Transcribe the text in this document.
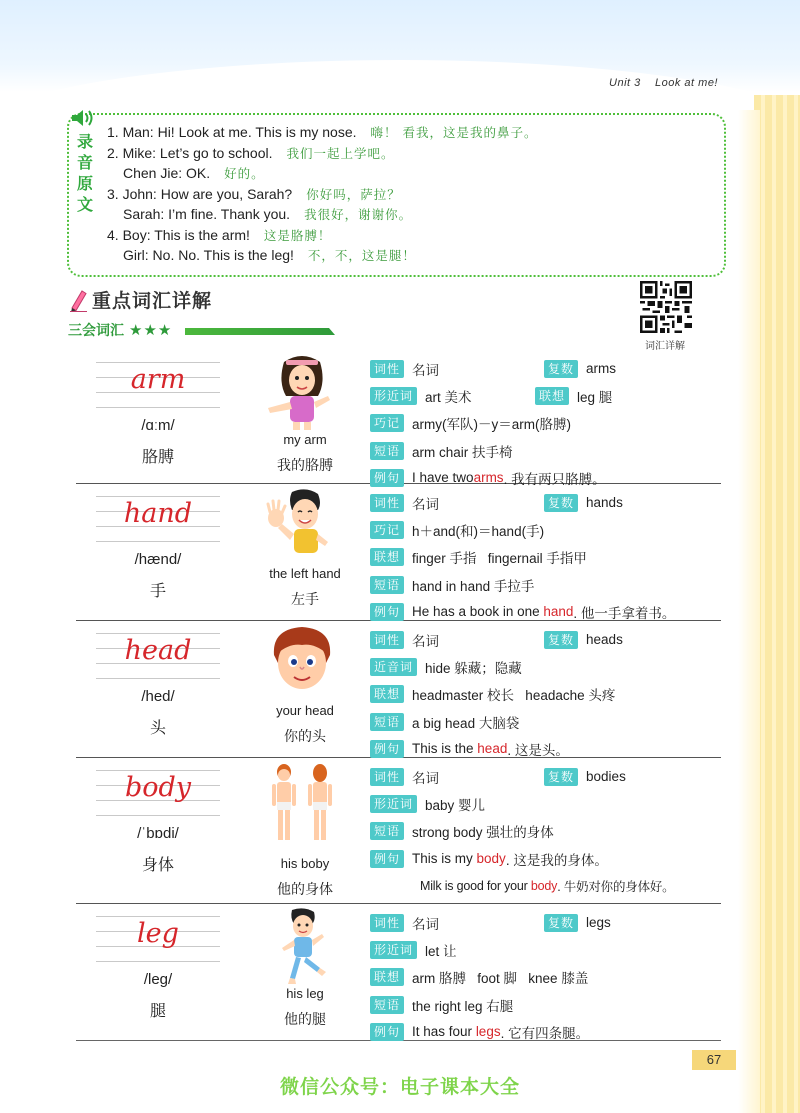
Unit 3 Look at me!
录
音
原
文
1. Man: Hi! Look at me. This is my nose. 嗨！ 看我，这是我的鼻子。
2. Mike: Let’s go to school. 我们一起上学吧。
Chen Jie: OK. 好的。
3. John: How are you, Sarah? 你好吗，萨拉？
Sarah: I’m fine. Thank you. 我很好，谢谢你。
4. Boy: This is the arm! 这是胳膊！
Girl: No. No. This is the leg! 不，不，这是腿！
重点词汇详解
词汇详解
三会词汇 ★★★
arm
/ɑːm/
胳膊
my arm
我的胳膊
词性 名词	复数 arms
形近词 art 美术	联想 leg 腿
巧记 army(军队)－y＝arm(胳膊)
短语 arm chair 扶手椅
例句 I have two arms . 我有两只胳膊。
hand
/hænd/
手
the left hand
左手
词性 名词	复数 hands
巧记 h＋and(和)＝hand(手)
联想 finger 手指   fingernail 手指甲
短语 hand in hand 手拉手
例句 He has a book in one hand . 他一手拿着书。
head
/hed/
头
your head
你的头
词性 名词	复数 heads
近音词 hide 躲藏；隐藏
联想 headmaster 校长   headache 头疼
短语 a big head 大脑袋
例句 This is the head . 这是头。
body
/ˈbɒdi/
身体	his boby
他的身体
词性 名词	复数 bodies
形近词 baby 婴儿
短语 strong body 强壮的身体
例句 This is my body . 这是我的身体。
Milk is good for your body . 牛奶对你的身体好。
leg
/leg/
腿
his leg
他的腿
词性 名词	复数 legs
形近词 let 让
联想 arm 胳膊   foot 脚   knee 膝盖
短语 the right leg 右腿
例句 It has four legs . 它有四条腿。
67
微信公众号：电子课本大全
